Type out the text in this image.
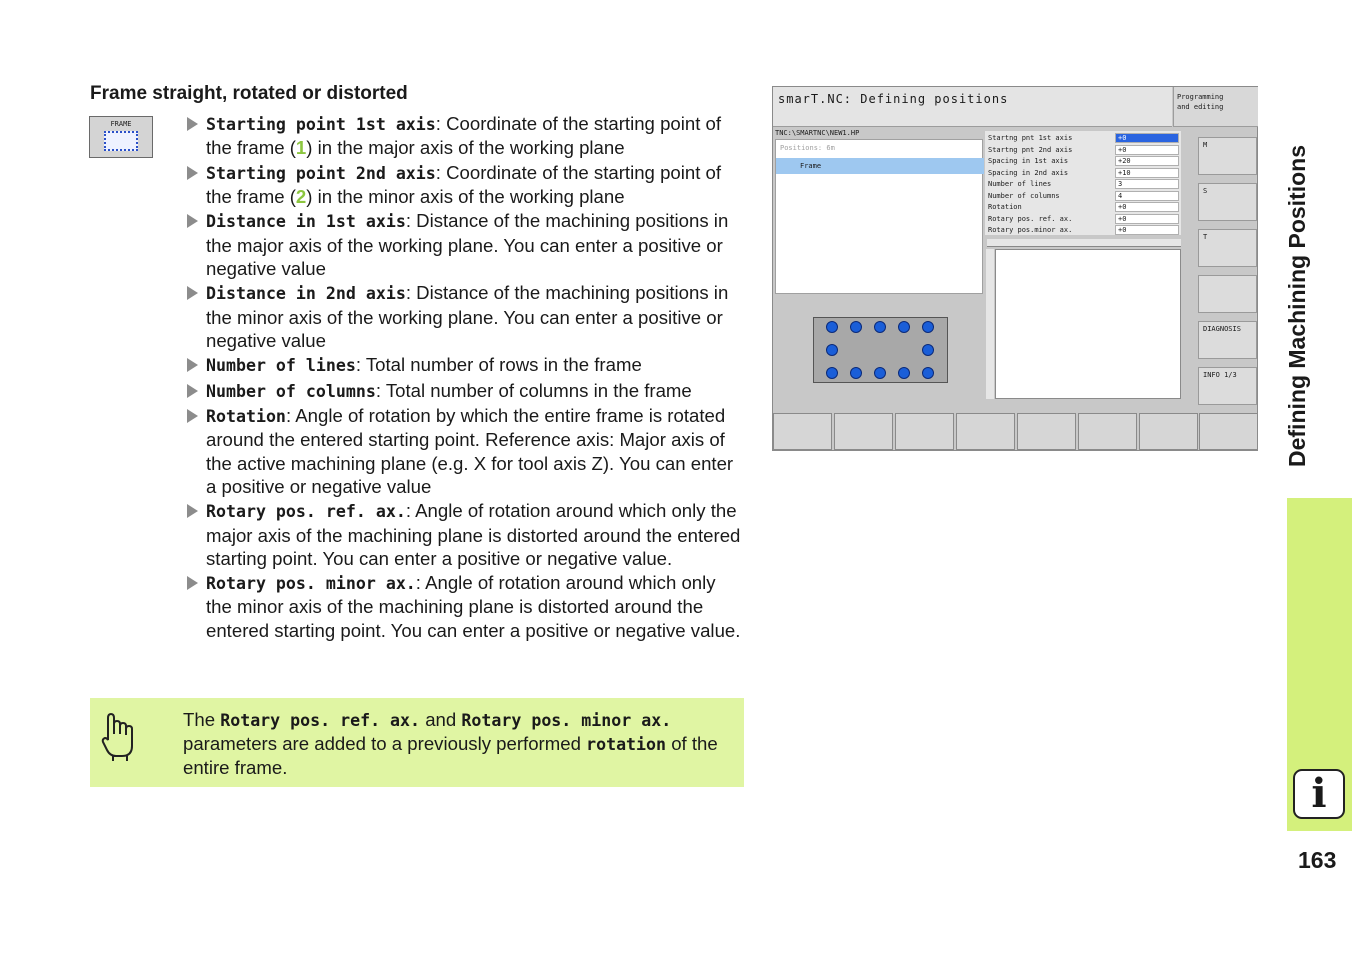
Frame straight, rotated or distorted
FRAME	Starting point 1st axis: Coordinate of the starting point of the frame (1) in the major axis of the working plane
Starting point 2nd axis: Coordinate of the starting point of the frame (2) in the minor axis of the working plane
Distance in 1st axis: Distance of the machining positions in the major axis of the working plane. You can enter a positive or negative value
Distance in 2nd axis: Distance of the machining positions in the minor axis of the working plane. You can enter a positive or negative value
Number of lines: Total number of rows in the frame
Number of columns: Total number of columns in the frame
Rotation: Angle of rotation by which the entire frame is rotated around the entered starting point. Reference axis: Major axis of the active machining plane (e.g. X for tool axis Z). You can enter a positive or negative value
Rotary pos. ref. ax.: Angle of rotation around which only the major axis of the machining plane is distorted around the entered starting point. You can enter a positive or negative value.
Rotary pos. minor ax.: Angle of rotation around which only the minor axis of the machining plane is distorted around the entered starting point. You can enter a positive or negative value.
The Rotary pos. ref. ax. and Rotary pos. minor ax. parameters are added to a previously performed rotation of the entire frame.
Defining Machining Positions
i
163
smarT.NC: Defining positions	Programming
and editing
TNC:\SMARTNC\NEW1.HP
Positions: 6m
Frame
Startng pnt 1st axis	+0
Startng pnt 2nd axis	+0
Spacing in 1st axis	+20
Spacing in 2nd axis	+10
Number of lines	3
Number of columns	4
Rotation	+0
Rotary pos. ref. ax.	+0
Rotary pos.minor ax.	+0
M
S
T
DIAGNOSIS
INFO 1/3
